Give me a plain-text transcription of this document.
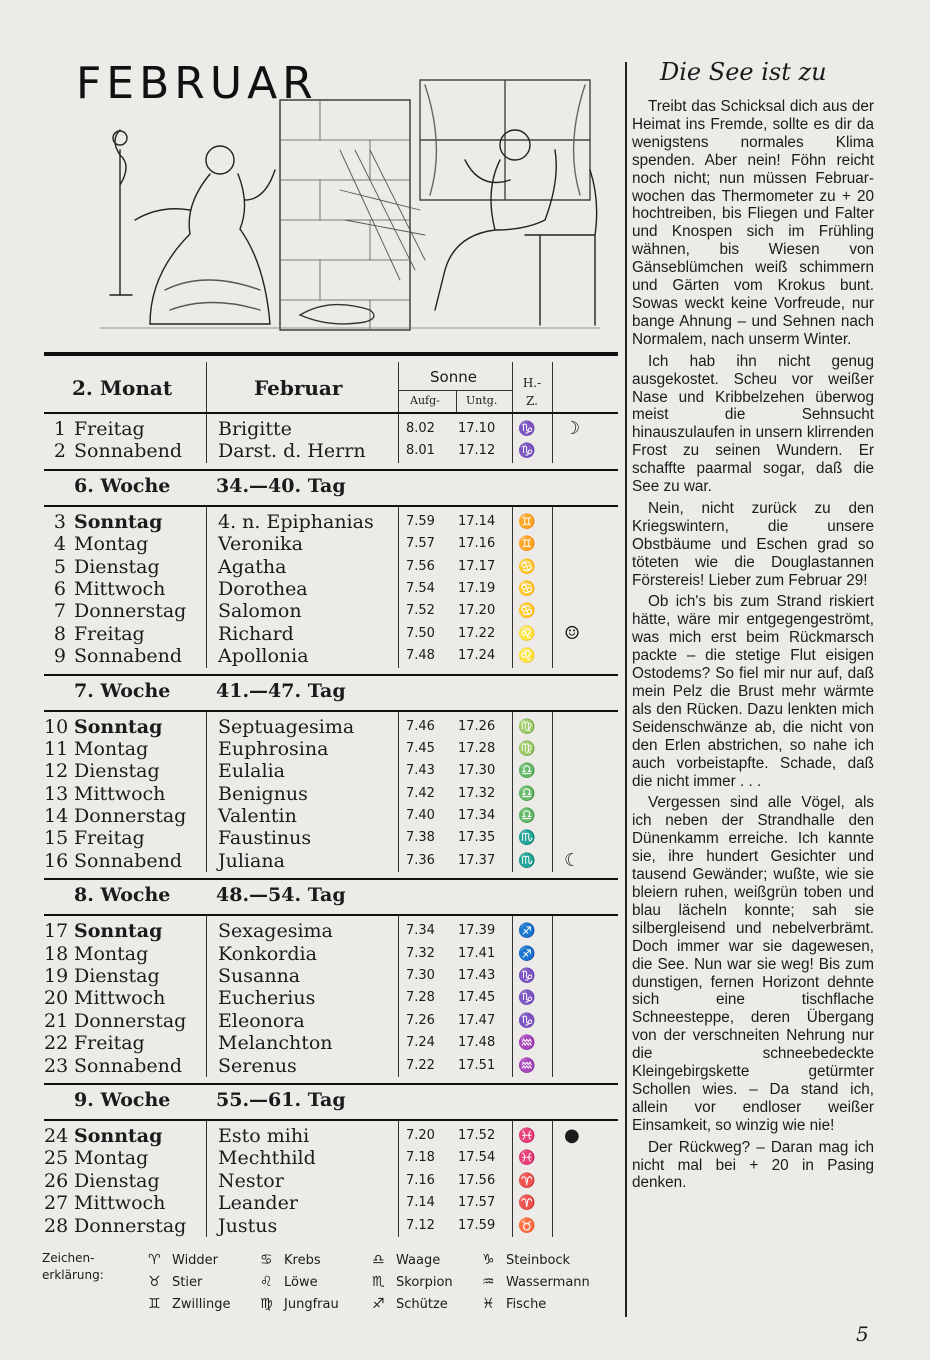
FEBRUAR
2. Monat	Februar	Sonne
Aufg- Untg.
H.-
Z.
1 Freitag	Brigitte	8.02 17.10 ♑ ☽
2 Sonnabend Darst. d. Herrn	8.01 17.12 ♑
6. Woche 34.—40. Tag
3 Sonntag	4. n. Epiphanias 7.59 17.14 ♊
4 Montag	Veronika	7.57 17.16 ♊
5 Dienstag	Agatha	7.56 17.17 ♋
6 Mittwoch	Dorothea	7.54 17.19 ♋
7 Donnerstag Salomon	7.52 17.20 ♋
8 Freitag	Richard	7.50 17.22 ♌ ☺
9 Sonnabend Apollonia	7.48 17.24 ♌
7. Woche 41.—47. Tag
10 Sonntag	Septuagesima	7.46 17.26 ♍
11 Montag	Euphrosina	7.45 17.28 ♍
12 Dienstag	Eulalia	7.43 17.30 ♎
13 Mittwoch	Benignus	7.42 17.32 ♎
14 Donnerstag Valentin	7.40 17.34 ♎
15 Freitag	Faustinus	7.38 17.35 ♏
16 Sonnabend Juliana	7.36 17.37 ♏ ☾
8. Woche 48.—54. Tag
17 Sonntag	Sexagesima	7.34 17.39 ♐
18 Montag	Konkordia	7.32 17.41 ♐
19 Dienstag	Susanna	7.30 17.43 ♑
20 Mittwoch	Eucherius	7.28 17.45 ♑
21 Donnerstag Eleonora	7.26 17.47 ♑
22 Freitag	Melanchton	7.24 17.48 ♒
23 Sonnabend Serenus	7.22 17.51 ♒
9. Woche 55.—61. Tag
24 Sonntag	Esto mihi	7.20 17.52 ♓ ●
25 Montag	Mechthild	7.18 17.54 ♓
26 Dienstag	Nestor	7.16 17.56 ♈
27 Mittwoch	Leander	7.14 17.57 ♈
28 Donnerstag Justus	7.12 17.59 ♉
Zeichen-
erklärung:
♈ Widder	♋ Krebs	♎ Waage	♑ Steinbock
♉ Stier	♌ Löwe	♏ Skorpion ♒ Wassermann
♊ Zwillinge ♍ Jungfrau ♐ Schütze ♓ Fische
Die See ist zu

Treibt das Schicksal dich aus der Heimat ins Fremde, sollte es dir da wenigstens normales Klima spenden. Aber nein! Föhn reicht noch nicht; nun müssen Februar-wochen das Thermometer zu + 20 hochtreiben, bis Fliegen und Falter und Knospen sich im Frühling wähnen, bis Wiesen von Gänseblümchen weiß schimmern und Gärten vom Krokus bunt. Sowas weckt keine Vorfreude, nur bange Ahnung – und Sehnen nach Normalem, nach unserm Winter.

Ich hab ihn nicht genug ausgekostet. Scheu vor weißer Nase und Kribbelzehen überwog meist die Sehnsucht hinauszulaufen in unsern klirrenden Frost zu seinen Wundern. Er schaffte paarmal sogar, daß die See zu war.

Nein, nicht zurück zu den Kriegswintern, die unsere Obstbäume und Eschen grad so töteten wie die Douglastannen Förstereis! Lieber zum Februar 29!

Ob ich's bis zum Strand riskiert hätte, wäre mir entgegengeströmt, was mich erst beim Rückmarsch packte – die stetige Flut eisigen Ostodems? So fiel mir nur auf, daß mein Pelz die Brust mehr wärmte als den Rücken. Dazu lenkten mich Seidenschwänze ab, die nicht von den Erlen abstrichen, so nahe ich auch vorbeistapfte. Schade, daß die nicht immer . . .

Vergessen sind alle Vögel, als ich neben der Strandhalle den Dünenkamm erreiche. Ich kannte sie, ihre hundert Gesichter und tausend Gewänder; wußte, wie sie bleiern ruhen, weißgrün toben und blau lächeln konnte; sah sie silbergleisend und nebelverbrämt. Doch immer war sie dagewesen, die See. Nun war sie weg! Bis zum dunstigen, fernen Horizont dehnte sich eine tischflache Schneesteppe, deren Übergang von der verschneiten Nehrung nur die schneebedeckte Kleingebirgskette getürmter Schollen wies. – Da stand ich, allein vor endloser weißer Einsamkeit, so winzig wie nie!

Der Rückweg? – Daran mag ich nicht mal bei + 20 in Pasing denken.

5
